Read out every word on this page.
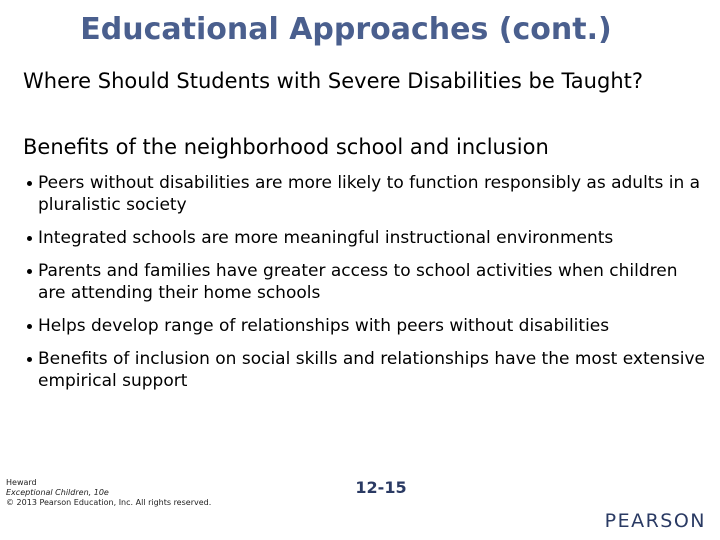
Educational Approaches (cont.)
Where Should Students with Severe Disabilities be Taught?
Benefits of the neighborhood school and inclusion
Peers without disabilities are more likely to function responsibly as adults in a pluralistic society
Integrated schools are more meaningful instructional environments
Parents and families have greater access to school activities when children are attending their home schools
Helps develop range of relationships with peers without disabilities
Benefits of inclusion on social skills and relationships have the most extensive empirical support
Heward
Exceptional Children, 10e
© 2013 Pearson Education, Inc. All rights reserved.
12-15
PEARSON
